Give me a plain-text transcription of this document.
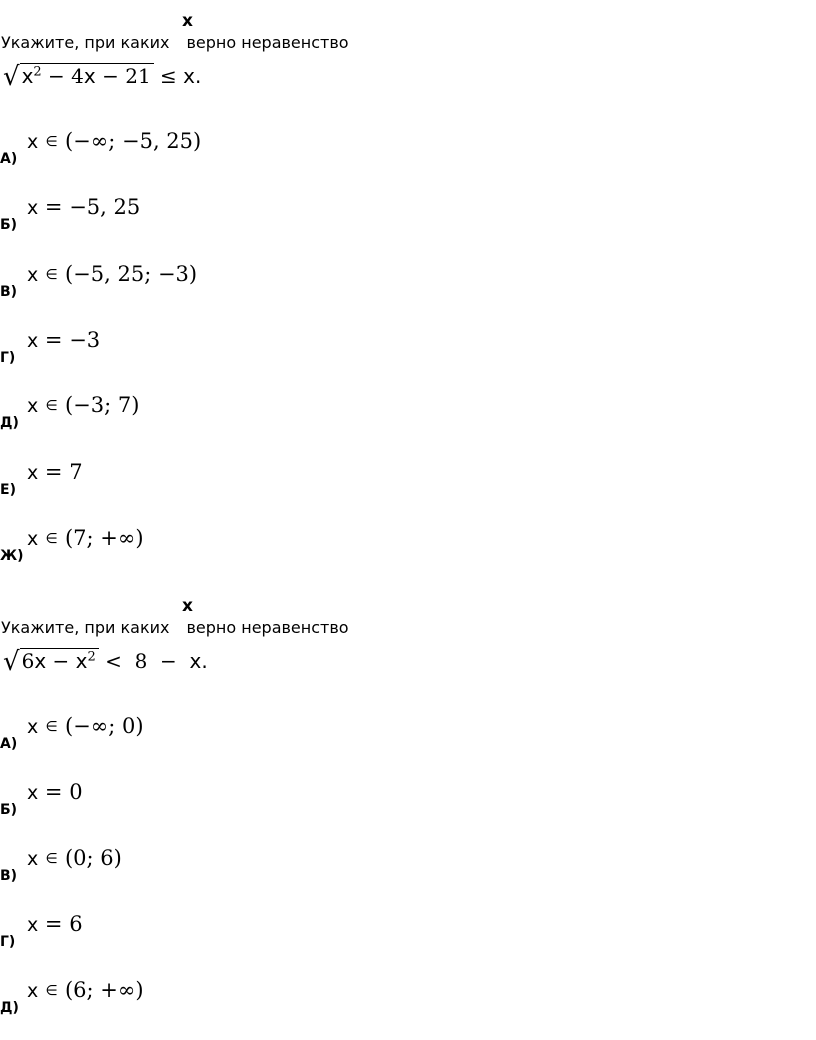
x
Укажите, при каких верно неравенство
√ $x^2 - 4x - 21 \le x$.
x ∈ (−∞; −5, 25)
А)
x = −5, 25
Б)
x ∈ (−5, 25; −3)
В)
x = −3
Г)
x ∈ (−3; 7)
Д)
x = 7
Е)
x ∈ (7; +∞)
Ж)
x
Укажите, при каких верно неравенство
√ $6x - x^2 < 8 - x$.
x ∈ (−∞; 0)
А)
x = 0
Б)
x ∈ (0; 6)
В)
x = 6
Г)
x ∈ (6; +∞)
Д)
